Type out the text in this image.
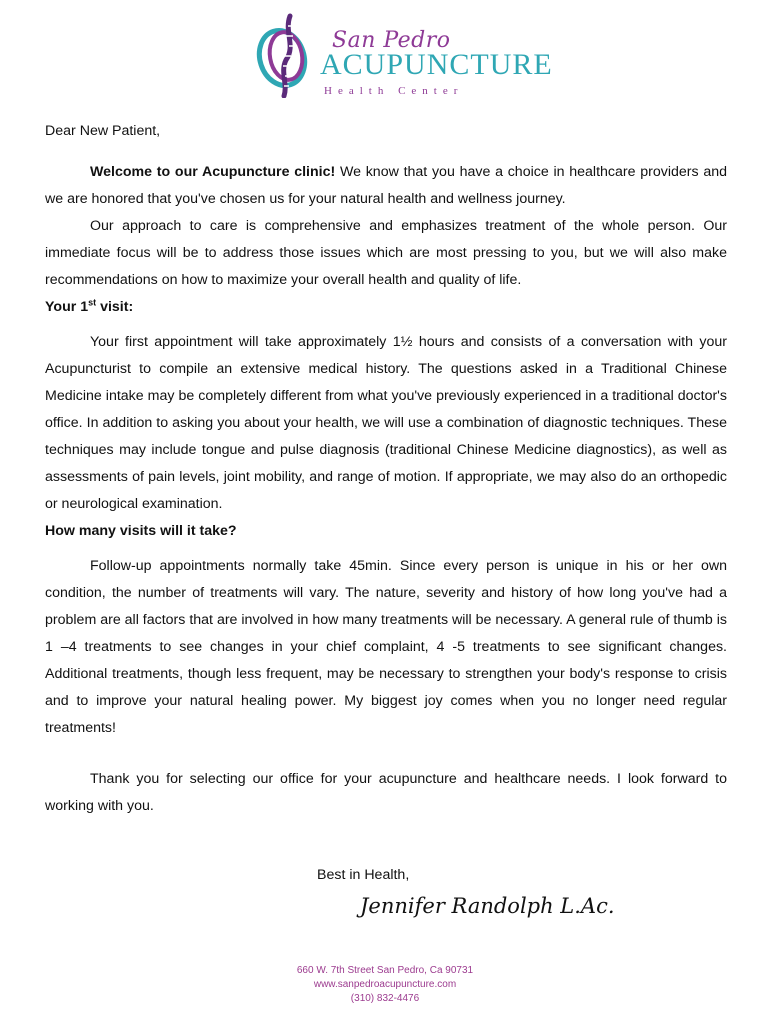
San Pedro
ACUPUNCTURE
Health Center

Dear New Patient,

Welcome to our Acupuncture clinic! We know that you have a choice in healthcare providers and we are honored that you've chosen us for your natural health and wellness journey.

Our approach to care is comprehensive and emphasizes treatment of the whole person. Our immediate focus will be to address those issues which are most pressing to you, but we will also make recommendations on how to maximize your overall health and quality of life.

Your 1st visit:

Your first appointment will take approximately 1½ hours and consists of a conversation with your Acupuncturist to compile an extensive medical history. The questions asked in a Traditional Chinese Medicine intake may be completely different from what you've previously experienced in a traditional doctor's office. In addition to asking you about your health, we will use a combination of diagnostic techniques. These techniques may include tongue and pulse diagnosis (traditional Chinese Medicine diagnostics), as well as assessments of pain levels, joint mobility, and range of motion. If appropriate, we may also do an orthopedic or neurological examination.

How many visits will it take?

Follow-up appointments normally take 45min. Since every person is unique in his or her own condition, the number of treatments will vary. The nature, severity and history of how long you've had a problem are all factors that are involved in how many treatments will be necessary. A general rule of thumb is 1 –4 treatments to see changes in your chief complaint, 4 -5 treatments to see significant changes. Additional treatments, though less frequent, may be necessary to strengthen your body's response to crisis and to improve your natural healing power. My biggest joy comes when you no longer need regular treatments!

Thank you for selecting our office for your acupuncture and healthcare needs. I look forward to working with you.

Best in Health,
Jennifer Randolph L.Ac.
660 W. 7th Street San Pedro, Ca 90731
www.sanpedroacupuncture.com
(310) 832-4476
